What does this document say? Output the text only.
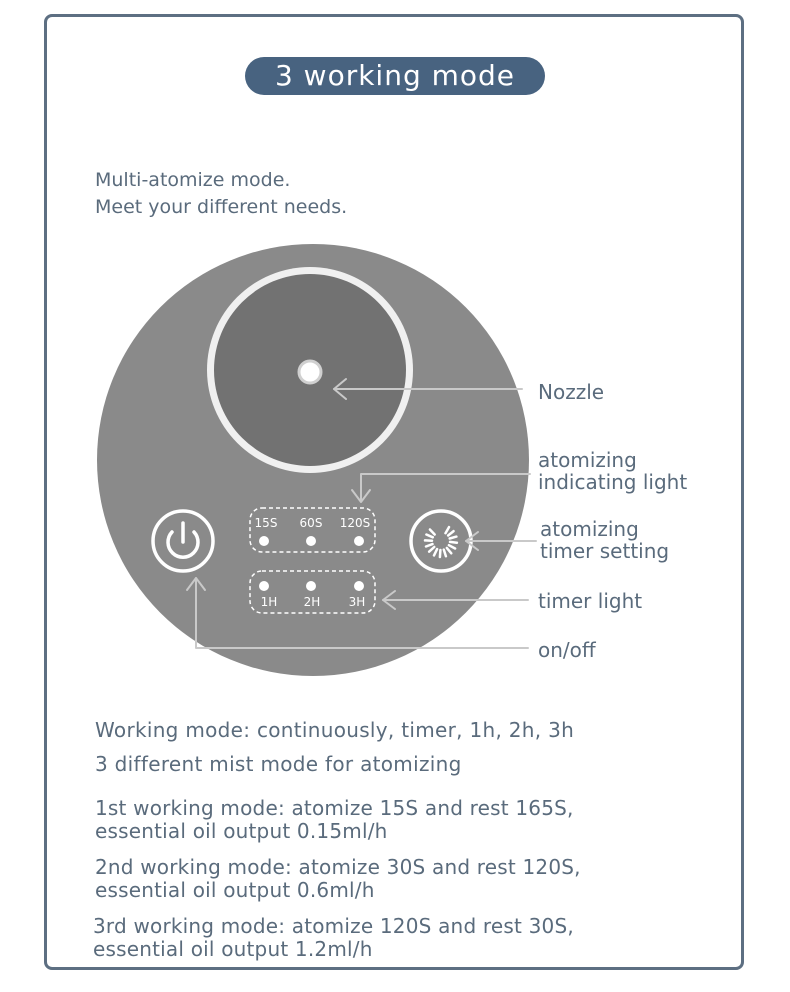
3 working mode
Multi-atomize mode.
Meet your different needs.
15S 60S 120S
1H 2H 3H
Nozzle
atomizing
indicating light
atomizing
timer setting
timer light
on/off
Working mode: continuously, timer, 1h, 2h, 3h
3 different mist mode for atomizing
1st working mode: atomize 15S and rest 165S,
essential oil output 0.15ml/h
2nd working mode: atomize 30S and rest 120S,
essential oil output 0.6ml/h
3rd working mode: atomize 120S and rest 30S,
essential oil output 1.2ml/h
